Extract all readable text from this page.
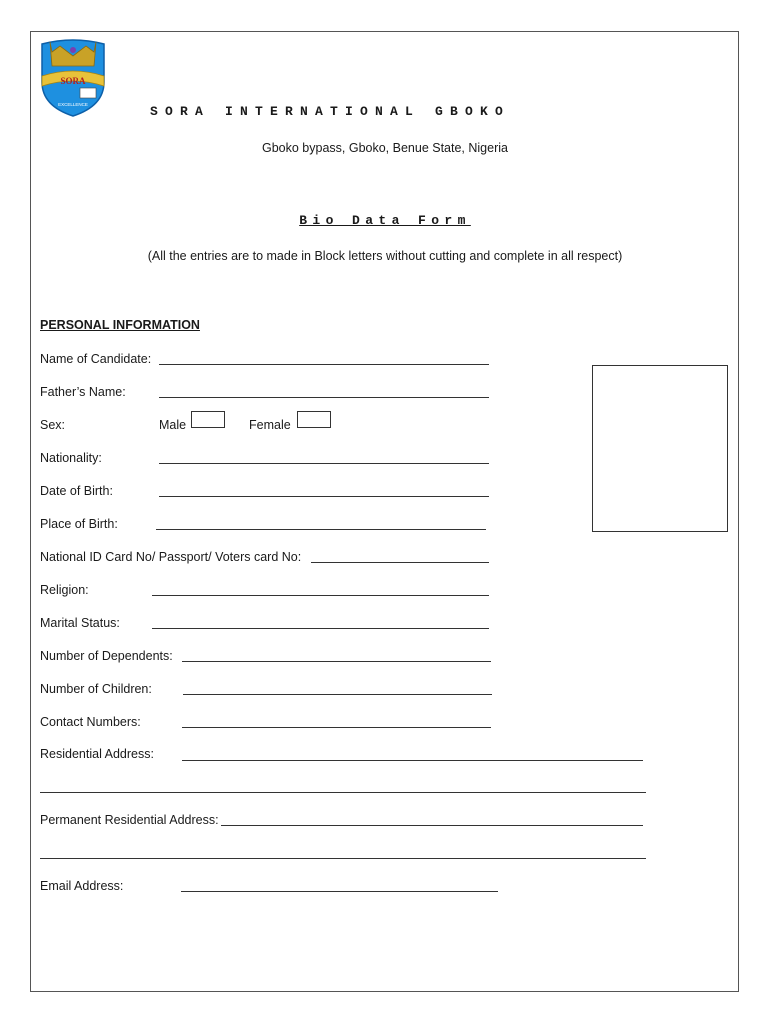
SORA
EXCELLENCE	SORA INTERNATIONAL GBOKO
Gboko bypass, Gboko, Benue State, Nigeria
Bio Data Form
(All the entries are to made in Block letters without cutting and complete in all respect)
PERSONAL INFORMATION
Name of Candidate:
Father’s Name:
Sex:	Male	Female
Nationality:
Date of Birth:
Place of Birth:
National ID Card No/ Passport/ Voters card No:
Religion:
Marital Status:
Number of Dependents:
Number of Children:
Contact Numbers:
Residential Address:
Permanent Residential Address:
Email Address:
